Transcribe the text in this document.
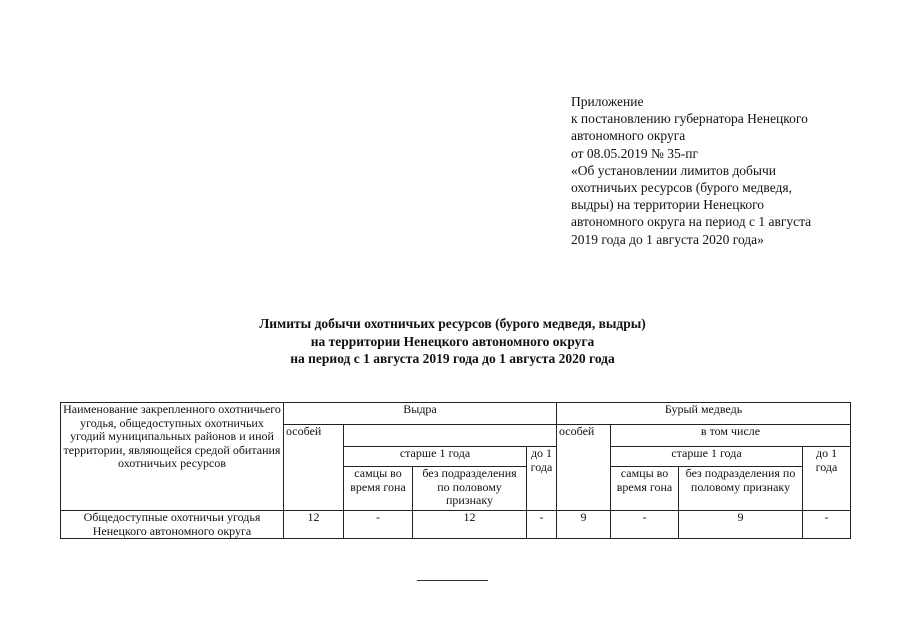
Приложение
к постановлению губернатора Ненецкого
автономного округа
от 08.05.2019 № 35-пг
«Об установлении лимитов добычи
охотничьих ресурсов (бурого медведя,
выдры) на территории Ненецкого
автономного округа на период с 1 августа
2019 года до 1 августа 2020 года»
Лимиты добычи охотничьих ресурсов (бурого медведя, выдры)
на территории Ненецкого автономного округа
на период с 1 августа 2019 года до 1 августа 2020 года
Наименование закрепленного охотничьего угодья, общедоступных охотничьих угодий муниципальных районов и иной территории, являющейся средой обитания охотничьих ресурсов	Выдра				Бурый медведь			
	особей				особей	в том числе		
		старше 1 года		до 1 года		старше 1 года		до 1 года
		самцы во время гона	без подразделения по половому признаку			самцы во время гона	без подразделения по половому признаку	
Общедоступные охотничьи угодья Ненецкого автономного округа	12	-	12	-	9	-	9	-
